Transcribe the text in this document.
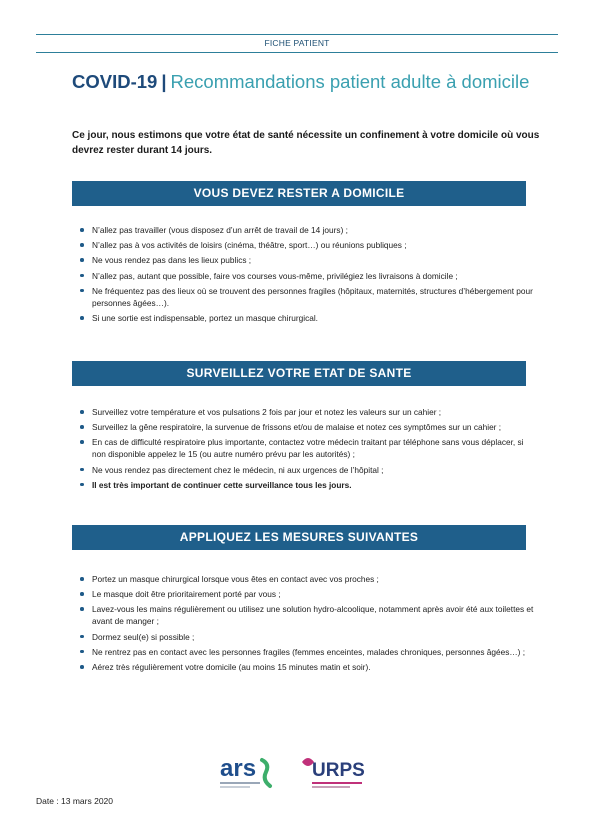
FICHE PATIENT
COVID-19 | Recommandations patient adulte à domicile
Ce jour, nous estimons que votre état de santé nécessite un confinement à votre domicile où vous devrez rester durant 14 jours.
VOUS DEVEZ RESTER A DOMICILE
N’allez pas travailler (vous disposez d’un arrêt de travail de 14 jours) ;
N’allez pas à vos activités de loisirs (cinéma, théâtre, sport…) ou réunions publiques ;
Ne vous rendez pas dans les lieux publics ;
N’allez pas, autant que possible, faire vos courses vous-même, privilégiez les livraisons à domicile ;
Ne fréquentez pas des lieux où se trouvent des personnes fragiles (hôpitaux, maternités, structures d’hébergement pour personnes âgées…).
Si une sortie est indispensable, portez un masque chirurgical.
SURVEILLEZ VOTRE ETAT DE SANTE
Surveillez votre température et vos pulsations 2 fois par jour et notez les valeurs sur un cahier ;
Surveillez la gêne respiratoire, la survenue de frissons et/ou de malaise et notez ces symptômes sur un cahier ;
En cas de difficulté respiratoire plus importante, contactez votre médecin traitant par téléphone sans vous déplacer, si non disponible appelez le 15 (ou autre numéro prévu par les autorités) ;
Ne vous rendez pas directement chez le médecin, ni aux urgences de l’hôpital ;
Il est très important de continuer cette surveillance tous les jours.
APPLIQUEZ LES MESURES SUIVANTES
Portez un masque chirurgical lorsque vous êtes en contact avec vos proches ;
Le masque doit être prioritairement porté par vous ;
Lavez-vous les mains régulièrement ou utilisez une solution hydro-alcoolique, notamment après avoir été aux toilettes et avant de manger ;
Dormez seul(e) si possible ;
Ne rentrez pas en contact avec les personnes fragiles (femmes enceintes, malades chroniques, personnes âgées…) ;
Aérez très régulièrement votre domicile (au moins 15 minutes matin et soir).
ars	URPS
Date : 13 mars 2020
